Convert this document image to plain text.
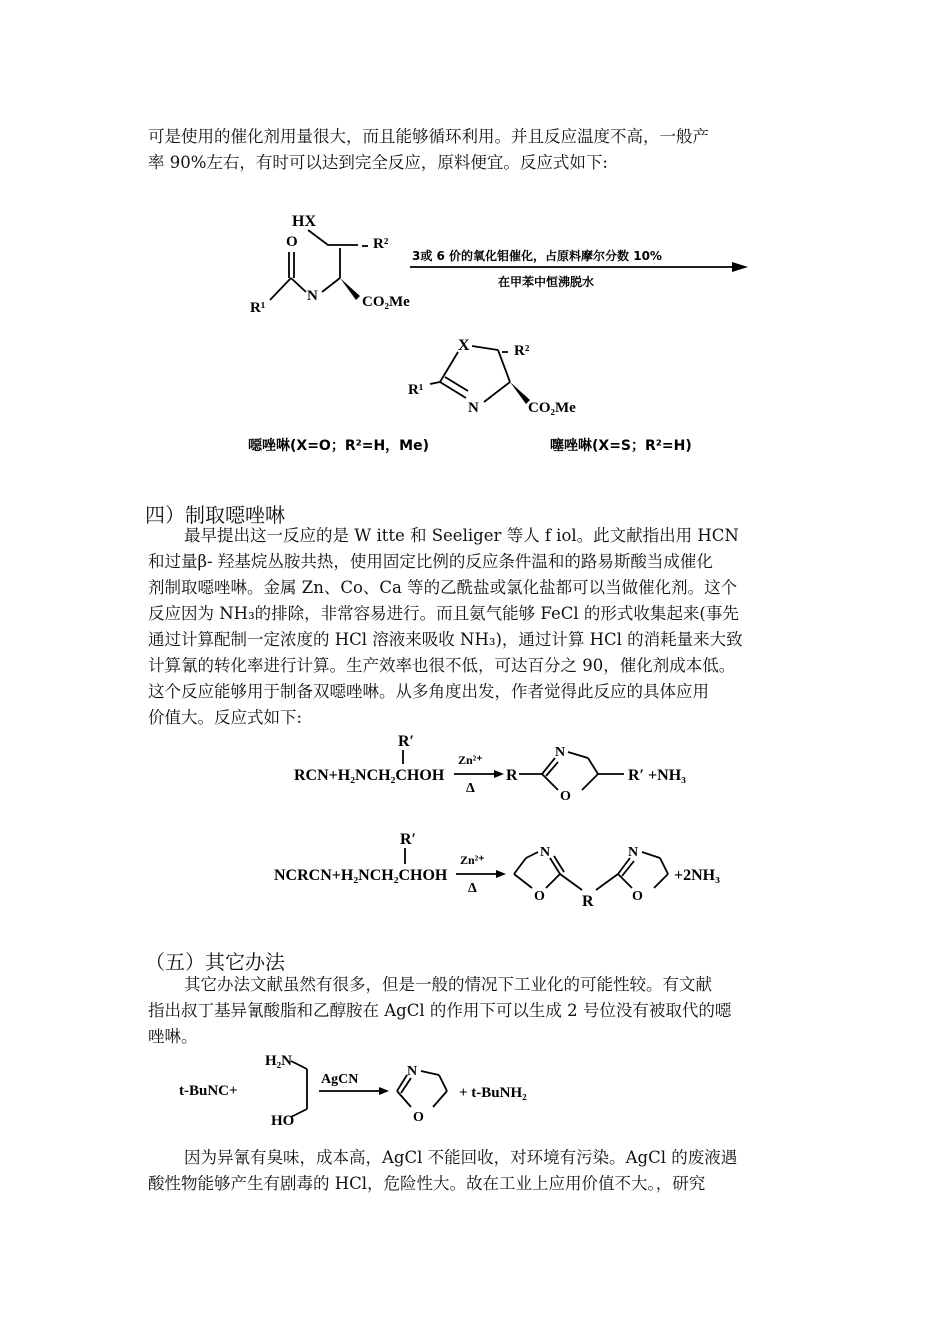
可是使用的催化剂用量很大，而且能够循环利用。并且反应温度不高，一般产
率 90%左右，有时可以达到完全反应，原料便宜。反应式如下:
HX
R²
O
R¹
N	CO₂Me
3或 6 价的氧化钼催化，占原料摩尔分数 10%
在甲苯中恒沸脱水
X	R²
R¹
N	CO₂Me
噁唑啉(X=O；R²=H，Me)	噻唑啉(X=S；R²=H)
四）制取噁唑啉
最早提出这一反应的是 W itte 和 Seeliger 等人 f iol。此文献指出用 HCN
和过量β- 羟基烷丛胺共热，使用固定比例的反应条件温和的路易斯酸当成催化
剂制取噁唑啉。金属 Zn、Co、Ca 等的乙酰盐或氯化盐都可以当做催化剂。这个
反应因为 NH₃的排除，非常容易进行。而且氨气能够 FeCl 的形式收集起来(事先
通过计算配制一定浓度的 HCl 溶液来吸收 NH₃)，通过计算 HCl 的消耗量来大致
计算氰的转化率进行计算。生产效率也很不低，可达百分之 90，催化剂成本低。
这个反应能够用于制备双噁唑啉。从多角度出发，作者觉得此反应的具体应用
价值大。反应式如下:
R′
RCN+H₂NCH₂CHOH
Zn²⁺
Δ
R
N
O
R′ +NH₃
R′
NCRCN+H₂NCH₂CHOH
Zn²⁺
Δ
N
O R
N
O
+2NH₃
（五）其它办法
其它办法文献虽然有很多，但是一般的情况下工业化的可能性较。有文献
指出叔丁基异氰酸脂和乙醇胺在 AgCl 的作用下可以生成 2 号位没有被取代的噁
唑啉。
H₂N
HO
t-BuNC+
AgCN
N
O
+ t-BuNH₂
因为异氰有臭味，成本高，AgCl 不能回收，对环境有污染。AgCl 的废液遇
酸性物能够产生有剧毒的 HCl，危险性大。故在工业上应用价值不大。，研究
